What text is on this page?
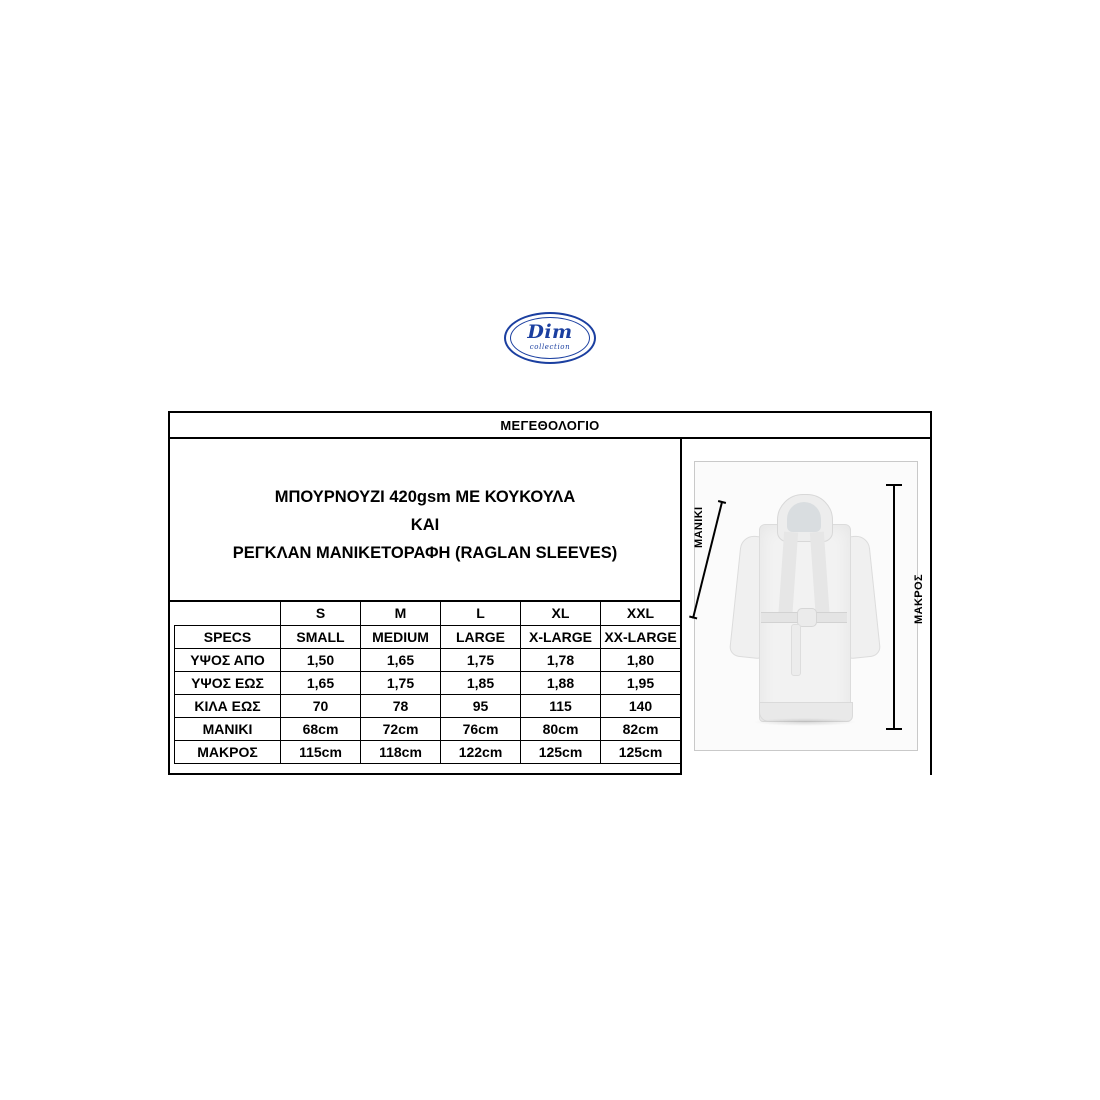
Dim
collection
ΜΕΓΕΘΟΛΟΓΙΟ
ΜΠΟΥΡΝΟΥΖΙ 420gsm ΜΕ ΚΟΥΚΟΥΛΑ
ΚΑΙ
ΡΕΓΚΛΑΝ ΜΑΝΙΚΕΤΟΡΑΦΗ (RAGLAN SLEEVES)
	S	M	L	XL	XXL
SPECS	SMALL	MEDIUM	LARGE	X-LARGE	XX-LARGE
ΥΨΟΣ ΑΠΟ	1,50	1,65	1,75	1,78	1,80
ΥΨΟΣ ΕΩΣ	1,65	1,75	1,85	1,88	1,95
ΚΙΛΑ ΕΩΣ	70	78	95	115	140
ΜΑΝΙΚΙ	68cm	72cm	76cm	80cm	82cm
ΜΑΚΡΟΣ	115cm	118cm	122cm	125cm	125cm
ΜΑΝΙΚΙ
ΜΑΚΡΟΣ
